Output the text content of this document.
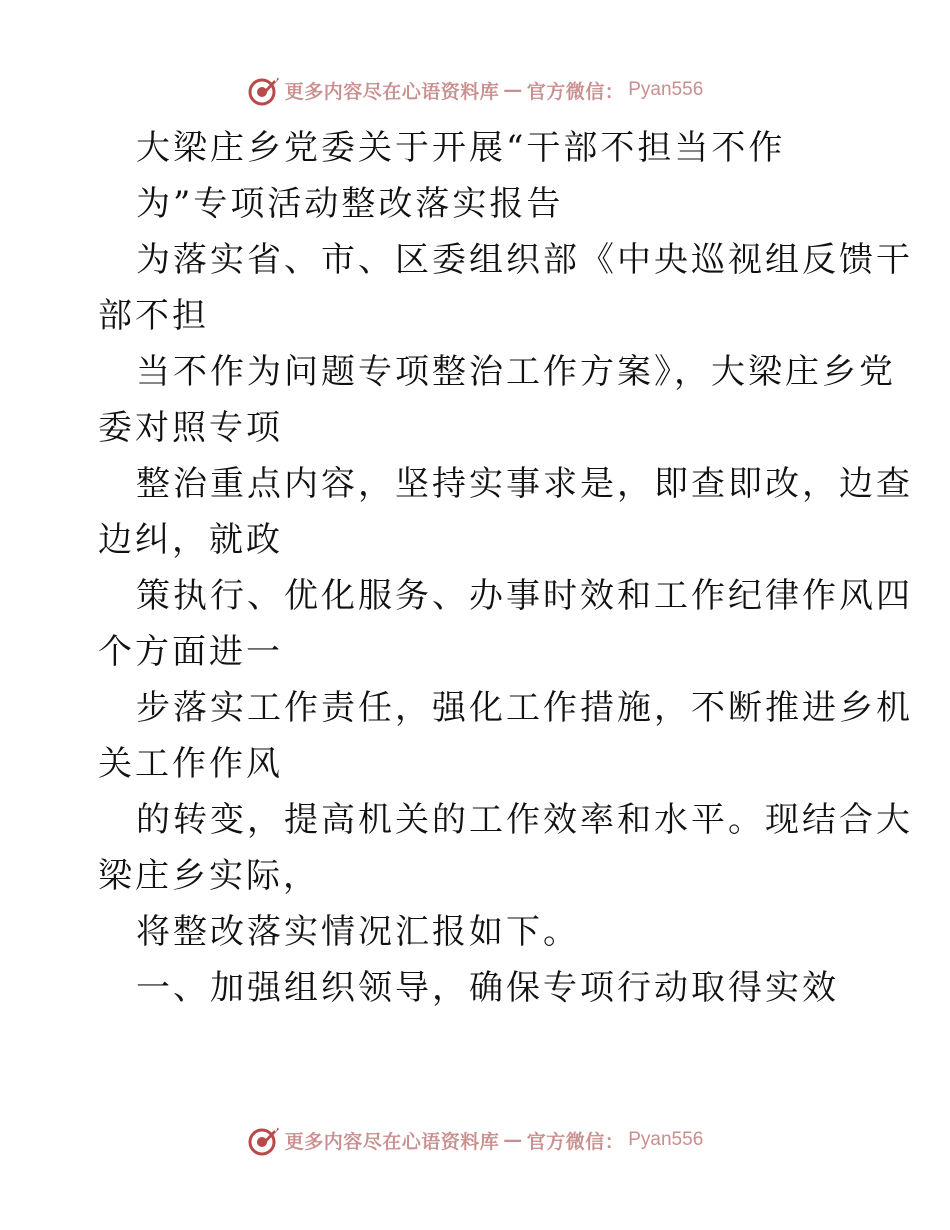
更多内容尽在心语资料库 — 官方微信： Pyan556
大梁庄乡党委关于开展“干部不担当不作
为”专项活动整改落实报告
为落实省、市、区委组织部《中央巡视组反馈干
部不担
当不作为问题专项整治工作方案》，大梁庄乡党
委对照专项
整治重点内容，坚持实事求是，即查即改，边查
边纠，就政
策执行、优化服务、办事时效和工作纪律作风四
个方面进一
步落实工作责任，强化工作措施，不断推进乡机
关工作作风
的转变，提高机关的工作效率和水平。现结合大
梁庄乡实际，
将整改落实情况汇报如下。
一、加强组织领导，确保专项行动取得实效
更多内容尽在心语资料库 — 官方微信： Pyan556
